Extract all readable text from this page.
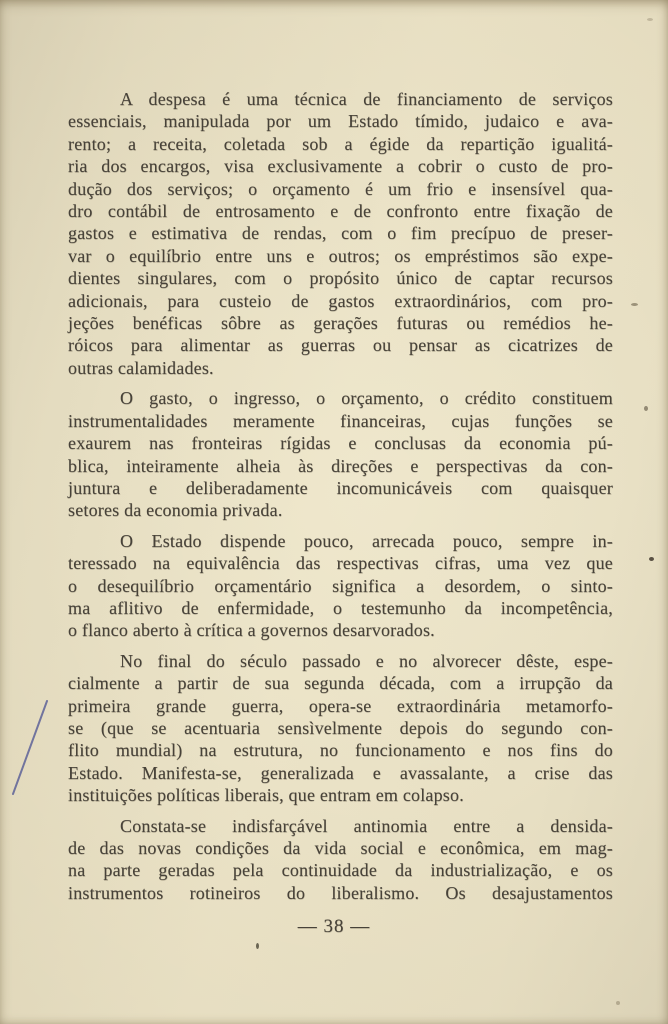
A despesa é uma técnica de financiamento de serviços
essenciais, manipulada por um Estado tímido, judaico e ava-
rento; a receita, coletada sob a égide da repartição igualitá-
ria dos encargos, visa exclusivamente a cobrir o custo de pro-
dução dos serviços; o orçamento é um frio e insensível qua-
dro contábil de entrosamento e de confronto entre fixação de
gastos e estimativa de rendas, com o fim precípuo de preser-
var o equilíbrio entre uns e outros; os empréstimos são expe-
dientes singulares, com o propósito único de captar recursos
adicionais, para custeio de gastos extraordinários, com pro-
jeções benéficas sôbre as gerações futuras ou remédios he-
róicos para alimentar as guerras ou pensar as cicatrizes de
outras calamidades.
O gasto, o ingresso, o orçamento, o crédito constituem
instrumentalidades meramente financeiras, cujas funções se
exaurem nas fronteiras rígidas e conclusas da economia pú-
blica, inteiramente alheia às direções e perspectivas da con-
juntura e deliberadamente incomunicáveis com quaisquer
setores da economia privada.
O Estado dispende pouco, arrecada pouco, sempre in-
teressado na equivalência das respectivas cifras, uma vez que
o desequilíbrio orçamentário significa a desordem, o sinto-
ma aflitivo de enfermidade, o testemunho da incompetência,
o flanco aberto à crítica a governos desarvorados.
No final do século passado e no alvorecer dêste, espe-
cialmente a partir de sua segunda década, com a irrupção da
primeira grande guerra, opera-se extraordinária metamorfo-
se (que se acentuaria sensìvelmente depois do segundo con-
flito mundial) na estrutura, no funcionamento e nos fins do
Estado. Manifesta-se, generalizada e avassalante, a crise das
instituições políticas liberais, que entram em colapso.
Constata-se indisfarçável antinomia entre a densida-
de das novas condições da vida social e econômica, em mag-
na parte geradas pela continuidade da industrialização, e os
instrumentos rotineiros do liberalismo. Os desajustamentos
— 38 —
